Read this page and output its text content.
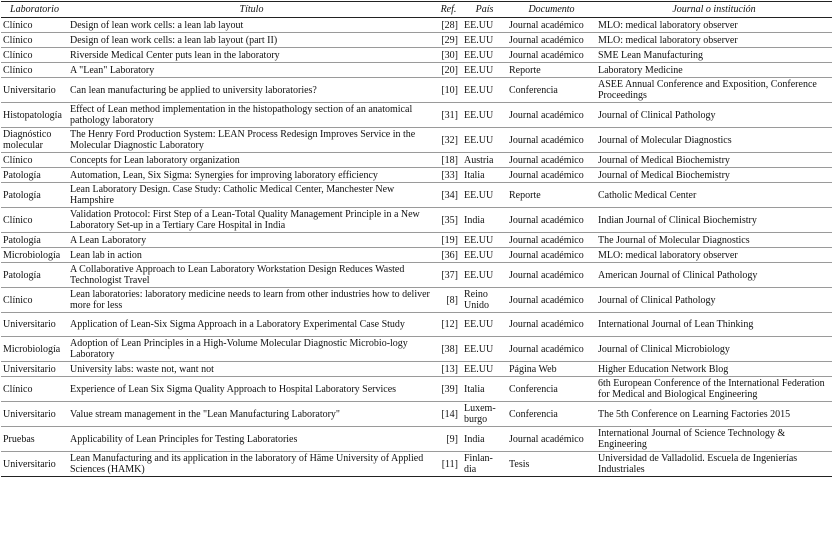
Laboratorio	Título	Ref.	País	Documento	Journal o institución
Clínico	Design of lean work cells: a lean lab layout	[28]	EE.UU	Journal académico	MLO: medical laboratory observer
Clínico	Design of lean work cells: a lean lab layout (part II)	[29]	EE.UU	Journal académico	MLO: medical laboratory observer
Clínico	Riverside Medical Center puts lean in the laboratory	[30]	EE.UU	Journal académico	SME Lean Manufacturing
Clínico	A "Lean" Laboratory	[20]	EE.UU	Reporte	Laboratory Medicine
Universitario	Can lean manufacturing be applied to university laboratories?	[10]	EE.UU	Conferencia	ASEE Annual Conference and Exposition, Conference Proceedings
Histopatología	Effect of Lean method implementation in the histopathology section of an anatomical pathology laboratory	[31]	EE.UU	Journal académico	Journal of Clinical Pathology
Diagnóstico molecular	The Henry Ford Production System: LEAN Process Redesign Improves Service in the Molecular Diagnostic Laboratory	[32]	EE.UU	Journal académico	Journal of Molecular Diagnostics
Clínico	Concepts for Lean laboratory organization	[18]	Austria	Journal académico	Journal of Medical Biochemistry
Patología	Automation, Lean, Six Sigma: Synergies for improving laboratory efficiency	[33]	Italia	Journal académico	Journal of Medical Biochemistry
Patología	Lean Laboratory Design. Case Study: Catholic Medical Center, Manchester New Hampshire	[34]	EE.UU	Reporte	Catholic Medical Center
Clínico	Validation Protocol: First Step of a Lean-Total Quality Management Principle in a New Laboratory Set-up in a Tertiary Care Hospital in India	[35]	India	Journal académico	Indian Journal of Clinical Biochemistry
Patología	A Lean Laboratory	[19]	EE.UU	Journal académico	The Journal of Molecular Diagnostics
Microbiología	Lean lab in action	[36]	EE.UU	Journal académico	MLO: medical laboratory observer
Patología	A Collaborative Approach to Lean Laboratory Workstation Design Reduces Wasted Technologist Travel	[37]	EE.UU	Journal académico	American Journal of Clinical Pathology
Clínico	Lean laboratories: laboratory medicine needs to learn from other industries how to deliver more for less	[8]	Reino Unido	Journal académico	Journal of Clinical Pathology
Universitario	Application of Lean-Six Sigma Approach in a Laboratory Experimental Case Study	[12]	EE.UU	Journal académico	International Journal of Lean Thinking
Microbiología	Adoption of Lean Principles in a High-Volume Molecular Diagnostic Microbio-logy Laboratory	[38]	EE.UU	Journal académico	Journal of Clinical Microbiology
Universitario	University labs: waste not, want not	[13]	EE.UU	Página Web	Higher Education Network Blog
Clínico	Experience of Lean Six Sigma Quality Approach to Hospital Laboratory Services	[39]	Italia	Conferencia	6th European Conference of the International Federation for Medical and Biological Engineering
Universitario	Value stream management in the "Lean Manufacturing Laboratory"	[14]	Luxem-burgo	Conferencia	The 5th Conference on Learning Factories 2015
Pruebas	Applicability of Lean Principles for Testing Laboratories	[9]	India	Journal académico	International Journal of Science Technology & Engineering
Universitario	Lean Manufacturing and its application in the laboratory of Häme University of Applied Sciences (HAMK)	[11]	Finlan-dia	Tesis	Universidad de Valladolid. Escuela de Ingenierías Industriales
